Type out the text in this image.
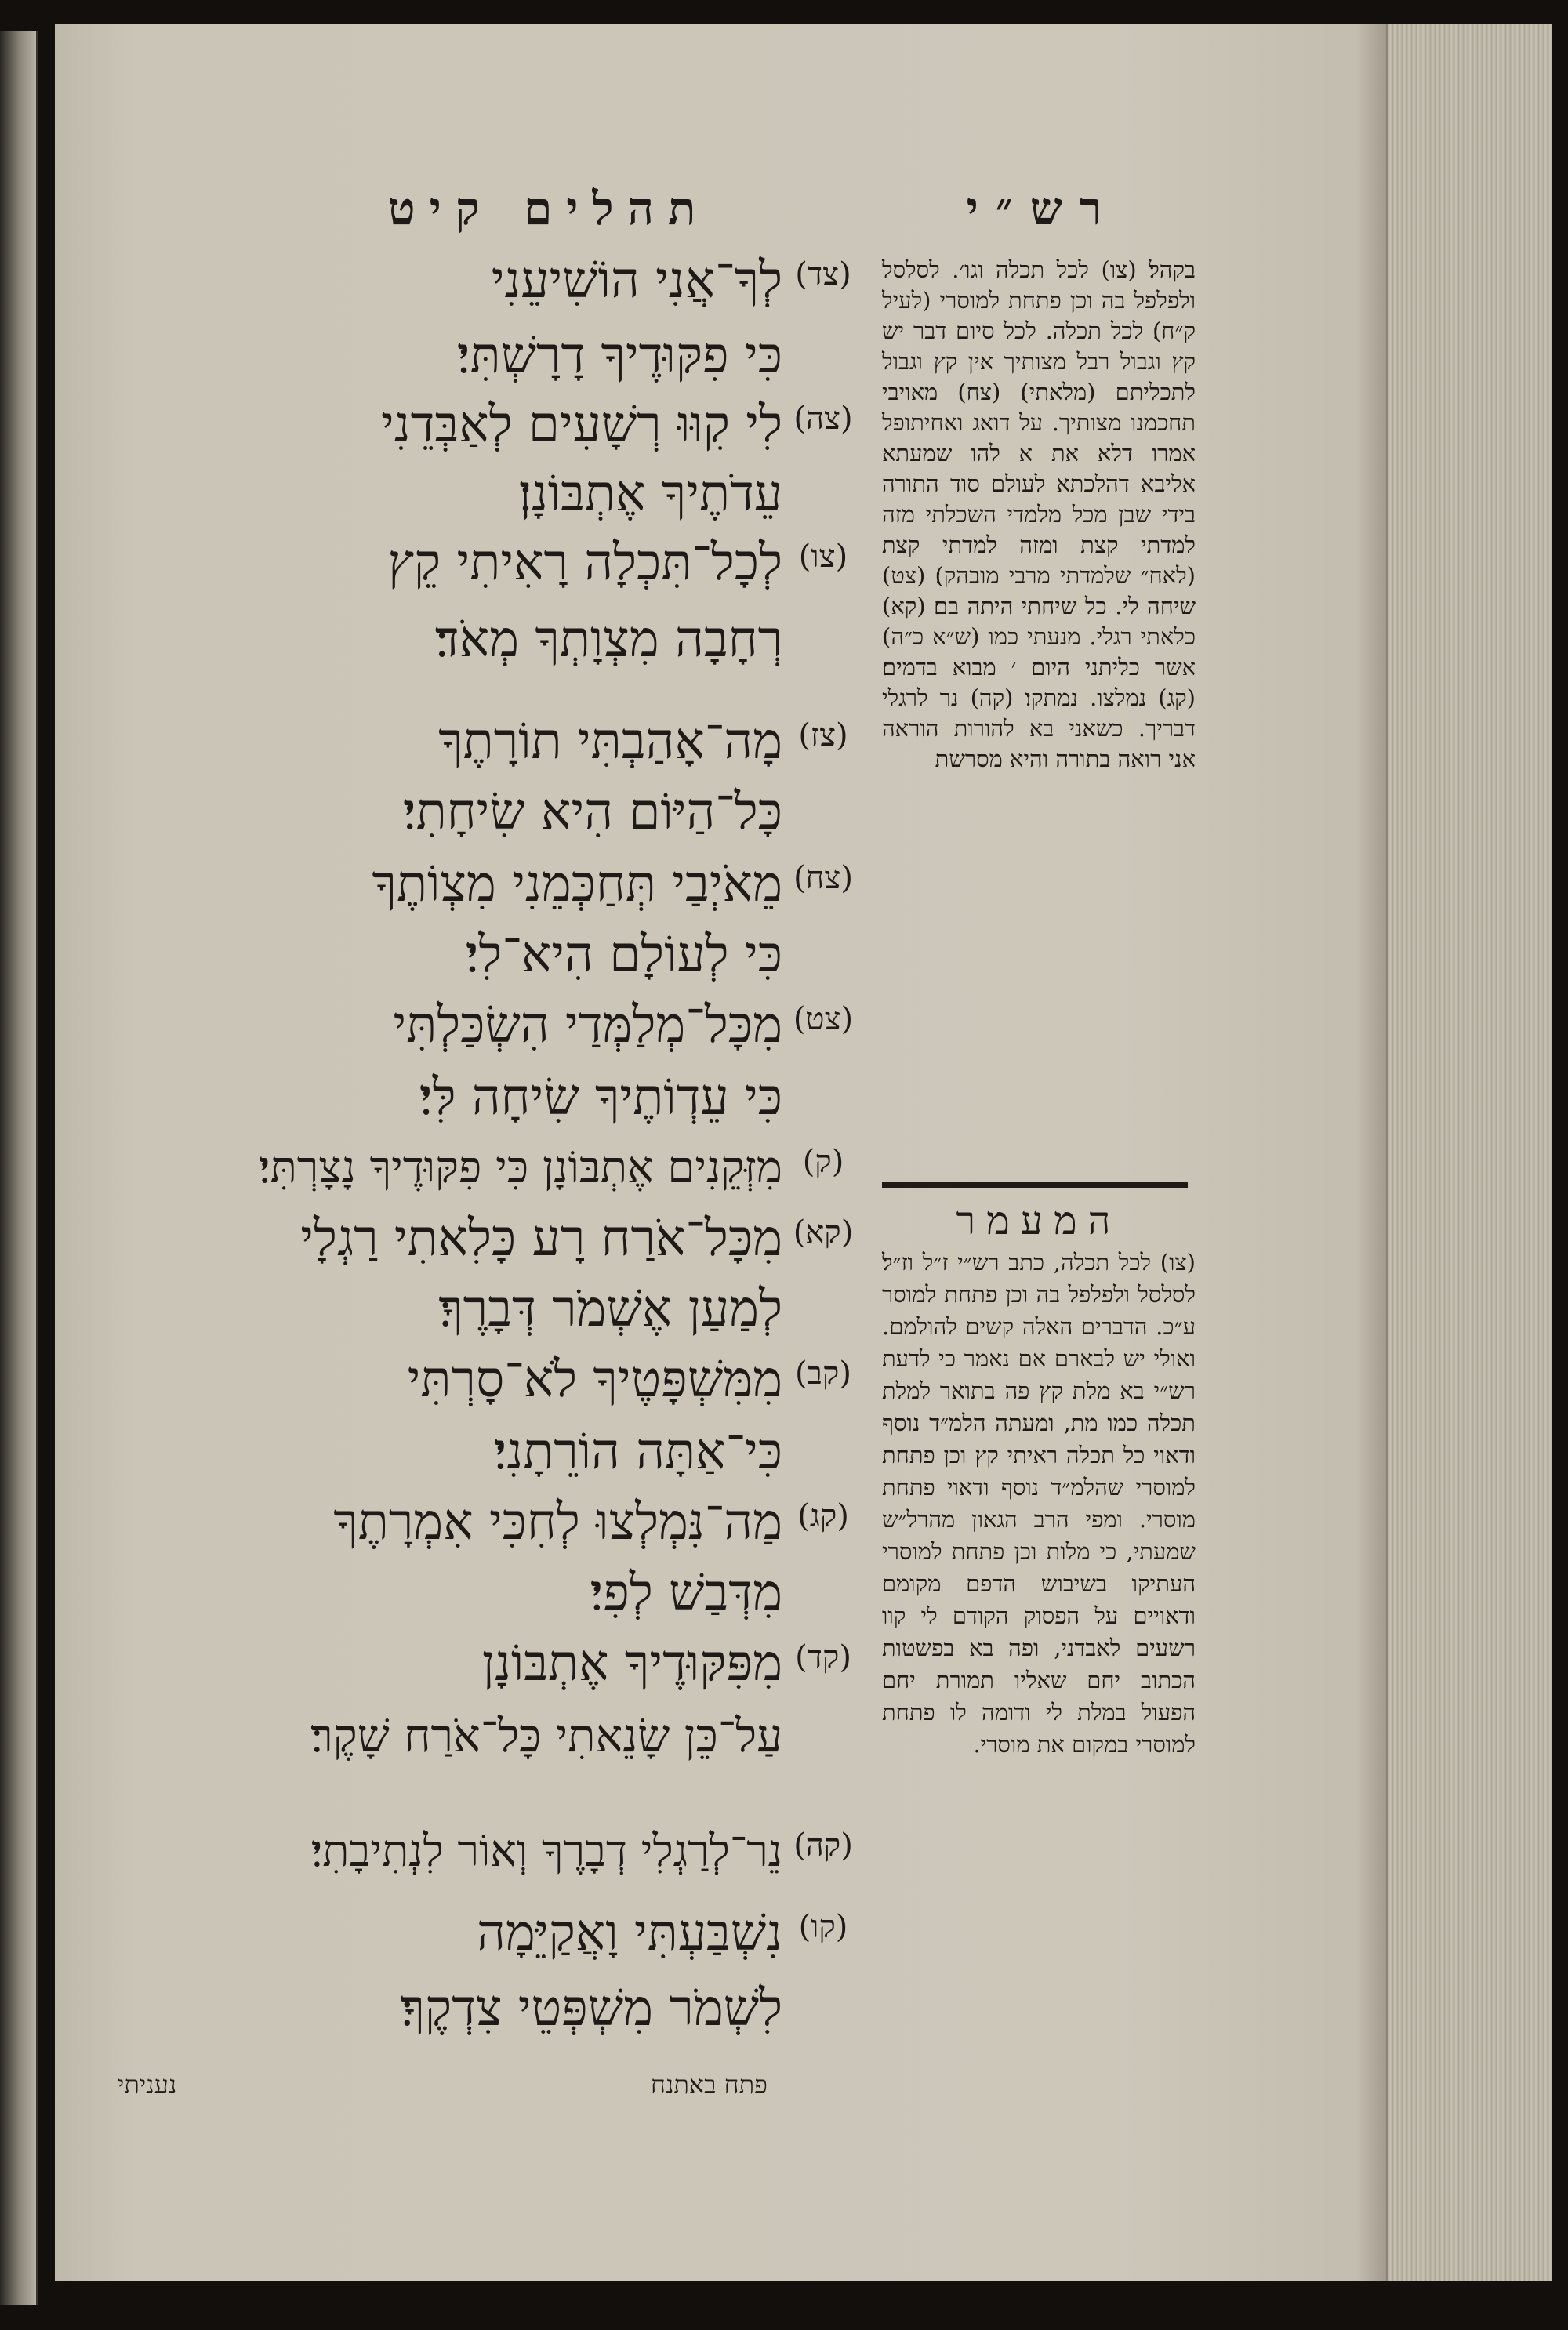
רש״י
תהלים קיט
(צד)
לְךָ־אֲנִי הוֹשִׁיעֵנִי
כִּי פִקּוּדֶיךָ דָרָשְׁתִּי׃
(צה)
לִי קִוּוּ רְשָׁעִים לְאַבְּדֵנִי
עֵדֹתֶיךָ אֶתְבּוֹנָן׃
(צו)
לְכָל־תִּכְלָה רָאִיתִי קֵץ
רְחָבָה מִצְוָתְךָ מְאֹד׃
(צז)
מָה־אָהַבְתִּי תוֹרָתֶךָ
כָּל־הַיּוֹם הִיא שִׂיחָתִי׃
(צח)
מֵאֹיְבַי תְּחַכְּמֵנִי מִצְוֹתֶךָ
כִּי לְעוֹלָם הִיא־לִי׃
(צט)
מִכָּל־מְלַמְּדַי הִשְׂכַּלְתִּי
כִּי עֵדְוֹתֶיךָ שִׂיחָה לִּי׃
(ק)
מִזְּקֵנִים אֶתְבּוֹנָן כִּי פִקּוּדֶיךָ נָצָרְתִּי׃
(קא)
מִכָּל־אֹרַח רָע כָּלִאתִי רַגְלָי
לְמַעַן אֶשְׁמֹר דְּבָרֶךָ׃
(קב)
מִמִּשְׁפָּטֶיךָ לֹא־סָרְתִּי
כִּי־אַתָּה הוֹרֵתָנִי׃
(קג)
מַה־נִּמְלְצוּ לְחִכִּי אִמְרָתֶךָ
מִדְּבַשׁ לְפִי׃
(קד)
מִפִּקּוּדֶיךָ אֶתְבּוֹנָן
עַל־כֵּן שָׂנֵאתִי כָּל־אֹרַח שָׁקֶר׃
(קה)
נֵר־לְרַגְלִי דְבָרֶךָ וְאוֹר לִנְתִיבָתִי׃
(קו)
נִשְׁבַּעְתִּי וָאֲקַיֵּמָה
לִשְׁמֹר מִשְׁפְּטֵי צִדְקֶךָ׃
בקהל׃ (צו) לכל תכלה וגו׳. לסלסל ולפלפל בה וכן פתחת למוסרי (לעיל ק״ח)׃ לכל תכלה. לכל סיום דבר יש קץ וגבול רבל מצותיך אין קץ וגבול לתכליתם (מלאתי)׃ (צח) מאויבי תחכמנו מצותיך. על דואג ואחיתופל אמרו דלא את א להו שמעתא אליבא דהלכתא לעולם סוד התורה בידי שבן מכל מלמדי השכלתי מזה למדתי קצת ומזה למדתי קצת (לאח״ שלמדתי מרבי מובהק)׃ (צט) שיחה לי. כל שיחתי היתה בם׃ (קא) כלאתי רגלי. מנעתי כמו (ש״א כ״ה) אשר כליתני היום ׳ מבוא בדמים׃ (קג) נמלצו. נמתקו׃ (קה) נר לרגלי דבריך. כשאני בא להורות הוראה אני רואה בתורה והיא מסרשת
המעמר
(צו) לכל תכלה, כתב רש״י ז״ל וז״ל׃ לסלסל ולפלפל בה וכן פתחת למוסר ע״כ. הדברים האלה קשים להולמם. ואולי יש לבארם אם נאמר כי לדעת רש״י בא מלת קץ פה בתואר למלת תכלה כמו מת, ומעתה הלמ״ד נוסף ודאוי כל תכלה ראיתי קץ וכן פתחת למוסרי שהלמ״ד נוסף ודאוי פתחת מוסרי. ומפי הרב הגאון מהרל״ש שמעתי, כי מלות וכן פתחת למוסרי העתיקו בשיבוש הדפם מקומם ודאויים על הפסוק הקודם לי קוו רשעים לאבדני, ופה בא בפשטות הכתוב יחם שאליו תמורת יחם הפעול במלת לי ודומה לו פתחת למוסרי במקום את מוסרי.
נעניתי	פתח באתנח
